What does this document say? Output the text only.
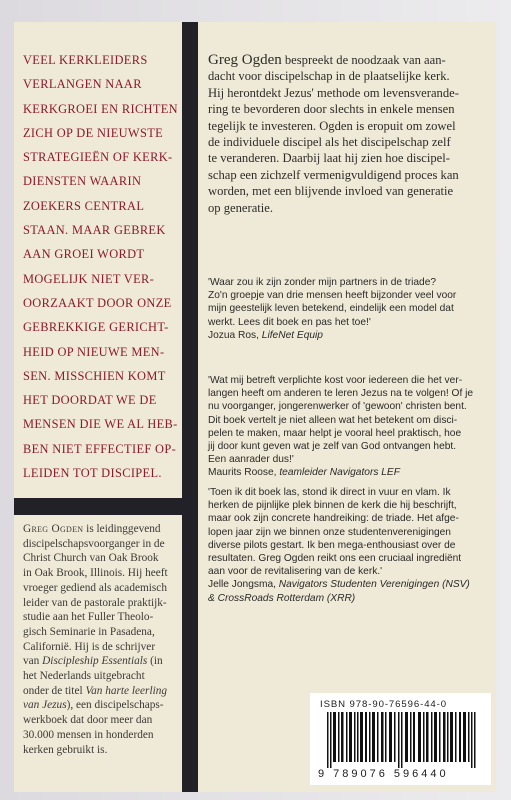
VEEL KERKLEIDERS
VERLANGEN NAAR
KERKGROEI EN RICHTEN
ZICH OP DE NIEUWSTE
STRATEGIEËN OF KERK-
DIENSTEN WAARIN
ZOEKERS CENTRAL
STAAN. MAAR GEBREK
AAN GROEI WORDT
MOGELIJK NIET VER-
OORZAAKT DOOR ONZE
GEBREKKIGE GERICHT-
HEID OP NIEUWE MEN-
SEN. MISSCHIEN KOMT
HET DOORDAT WE DE
MENSEN DIE WE AL HEB-
BEN NIET EFFECTIEF OP-
LEIDEN TOT DISCIPEL.

Greg Ogden is leidinggevend
discipelschapsvoorganger in de
Christ Church van Oak Brook
in Oak Brook, Illinois. Hij heeft
vroeger gediend als academisch
leider van de pastorale praktijk-
studie aan het Fuller Theolo-
gisch Seminarie in Pasadena,
Californië. Hij is de schrijver
van Discipleship Essentials (in
het Nederlands uitgebracht
onder de titel Van harte leerling
van Jezus), een discipelschaps-
werkboek dat door meer dan
30.000 mensen in honderden
kerken gebruikt is.

Greg Ogden bespreekt de noodzaak van aan-
dacht voor discipelschap in de plaatselijke kerk.
Hij herontdekt Jezus' methode om levensverande-
ring te bevorderen door slechts in enkele mensen
tegelijk te investeren. Ogden is eropuit om zowel
de individuele discipel als het discipelschap zelf
te veranderen. Daarbij laat hij zien hoe discipel-
schap een zichzelf vermenigvuldigend proces kan
worden, met een blijvende invloed van generatie
op generatie.

'Waar zou ik zijn zonder mijn partners in de triade?
Zo'n groepje van drie mensen heeft bijzonder veel voor
mijn geestelijk leven betekend, eindelijk een model dat
werkt. Lees dit boek en pas het toe!'
Jozua Ros, LifeNet Equip

'Wat mij betreft verplichte kost voor iedereen die het ver-
langen heeft om anderen te leren Jezus na te volgen! Of je
nu voorganger, jongerenwerker of 'gewoon' christen bent.
Dit boek vertelt je niet alleen wat het betekent om disci-
pelen te maken, maar helpt je vooral heel praktisch, hoe
jij door kunt geven wat je zelf van God ontvangen hebt.
Een aanrader dus!'
Maurits Roose, teamleider Navigators LEF

'Toen ik dit boek las, stond ik direct in vuur en vlam. Ik
herken de pijnlijke plek binnen de kerk die hij beschrijft,
maar ook zijn concrete handreiking: de triade. Het afge-
lopen jaar zijn we binnen onze studentenverenigingen
diverse pilots gestart. Ik ben mega-enthousiast over de
resultaten. Greg Ogden reikt ons een cruciaal ingrediënt
aan voor de revitalisering van de kerk.'
Jelle Jongsma, Navigators Studenten Verenigingen (NSV)
& CrossRoads Rotterdam (XRR)

ISBN 978-90-76596-44-0

9 789076 596440
